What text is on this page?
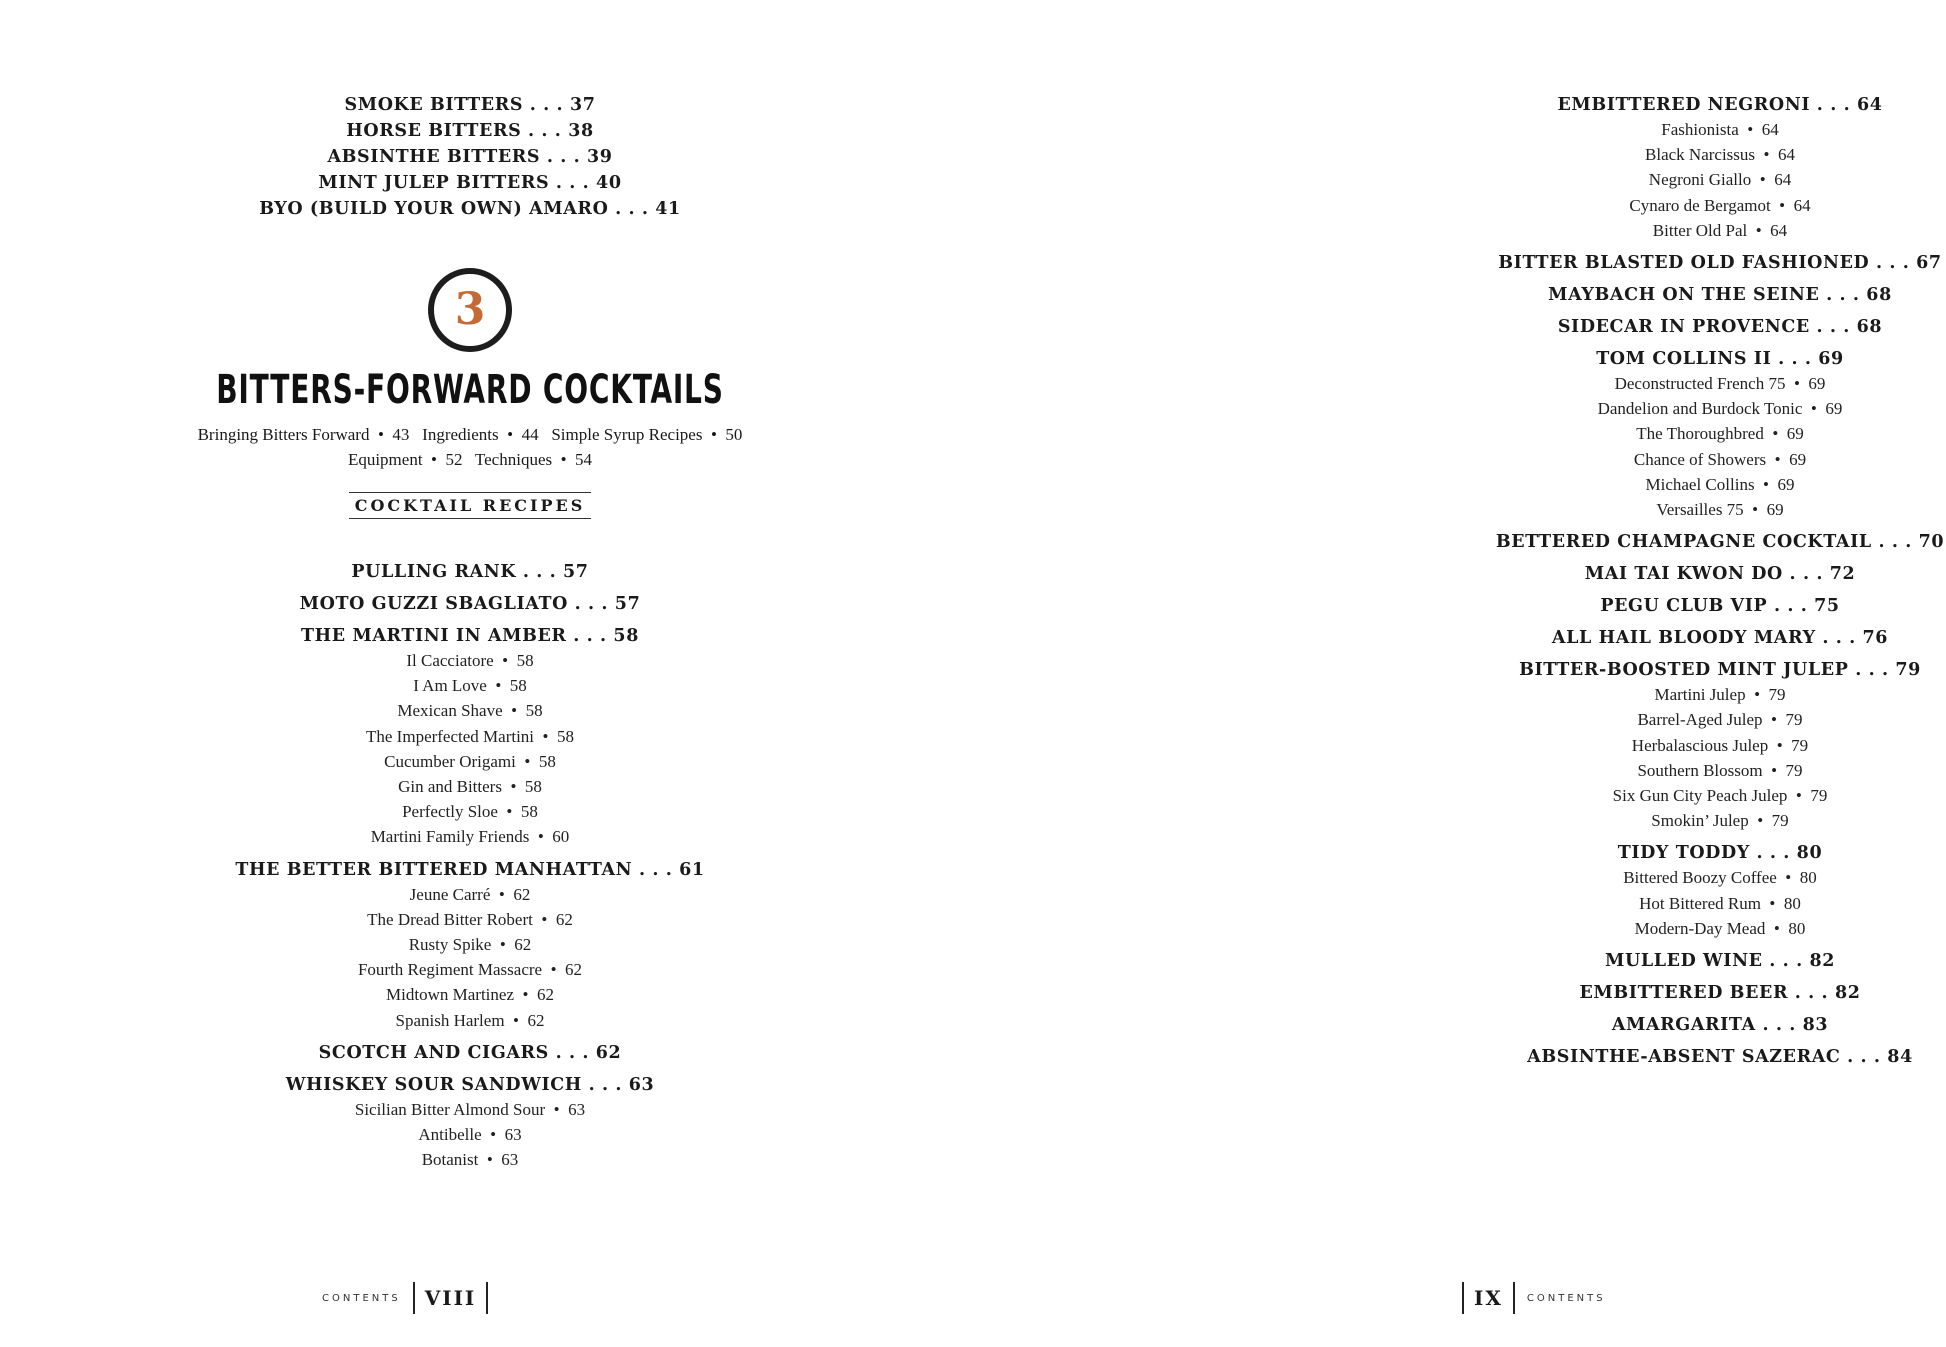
SMOKE BITTERS . . . 37
HORSE BITTERS . . . 38
ABSINTHE BITTERS . . . 39
MINT JULEP BITTERS . . . 40
BYO (BUILD YOUR OWN) AMARO . . . 41
3
BITTERS-FORWARD COCKTAILS
Bringing Bitters Forward  •  43   Ingredients  •  44   Simple Syrup Recipes  •  50
Equipment  •  52   Techniques  •  54
COCKTAIL RECIPES
PULLING RANK . . . 57
MOTO GUZZI SBAGLIATO . . . 57
THE MARTINI IN AMBER . . . 58
Il Cacciatore  •  58
I Am Love  •  58
Mexican Shave  •  58
The Imperfected Martini  •  58
Cucumber Origami  •  58
Gin and Bitters  •  58
Perfectly Sloe  •  58
Martini Family Friends  •  60
THE BETTER BITTERED MANHATTAN . . . 61
Jeune Carré  •  62
The Dread Bitter Robert  •  62
Rusty Spike  •  62
Fourth Regiment Massacre  •  62
Midtown Martinez  •  62
Spanish Harlem  •  62
SCOTCH AND CIGARS . . . 62
WHISKEY SOUR SANDWICH . . . 63
Sicilian Bitter Almond Sour  •  63
Antibelle  •  63
Botanist  •  63
CONTENTS	VIII
EMBITTERED NEGRONI . . . 64
Fashionista  •  64
Black Narcissus  •  64
Negroni Giallo  •  64
Cynaro de Bergamot  •  64
Bitter Old Pal  •  64
BITTER BLASTED OLD FASHIONED . . . 67
MAYBACH ON THE SEINE . . . 68
SIDECAR IN PROVENCE . . . 68
TOM COLLINS II . . . 69
Deconstructed French 75  •  69
Dandelion and Burdock Tonic  •  69
The Thoroughbred  •  69
Chance of Showers  •  69
Michael Collins  •  69
Versailles 75  •  69
BETTERED CHAMPAGNE COCKTAIL . . . 70
MAI TAI KWON DO . . . 72
PEGU CLUB VIP . . . 75
ALL HAIL BLOODY MARY . . . 76
BITTER-BOOSTED MINT JULEP . . . 79
Martini Julep  •  79
Barrel-Aged Julep  •  79
Herbalascious Julep  •  79
Southern Blossom  •  79
Six Gun City Peach Julep  •  79
Smokin’ Julep  •  79
TIDY TODDY . . . 80
Bittered Boozy Coffee  •  80
Hot Bittered Rum  •  80
Modern-Day Mead  •  80
MULLED WINE . . . 82
EMBITTERED BEER . . . 82
AMARGARITA . . . 83
ABSINTHE-ABSENT SAZERAC . . . 84
IX	CONTENTS
